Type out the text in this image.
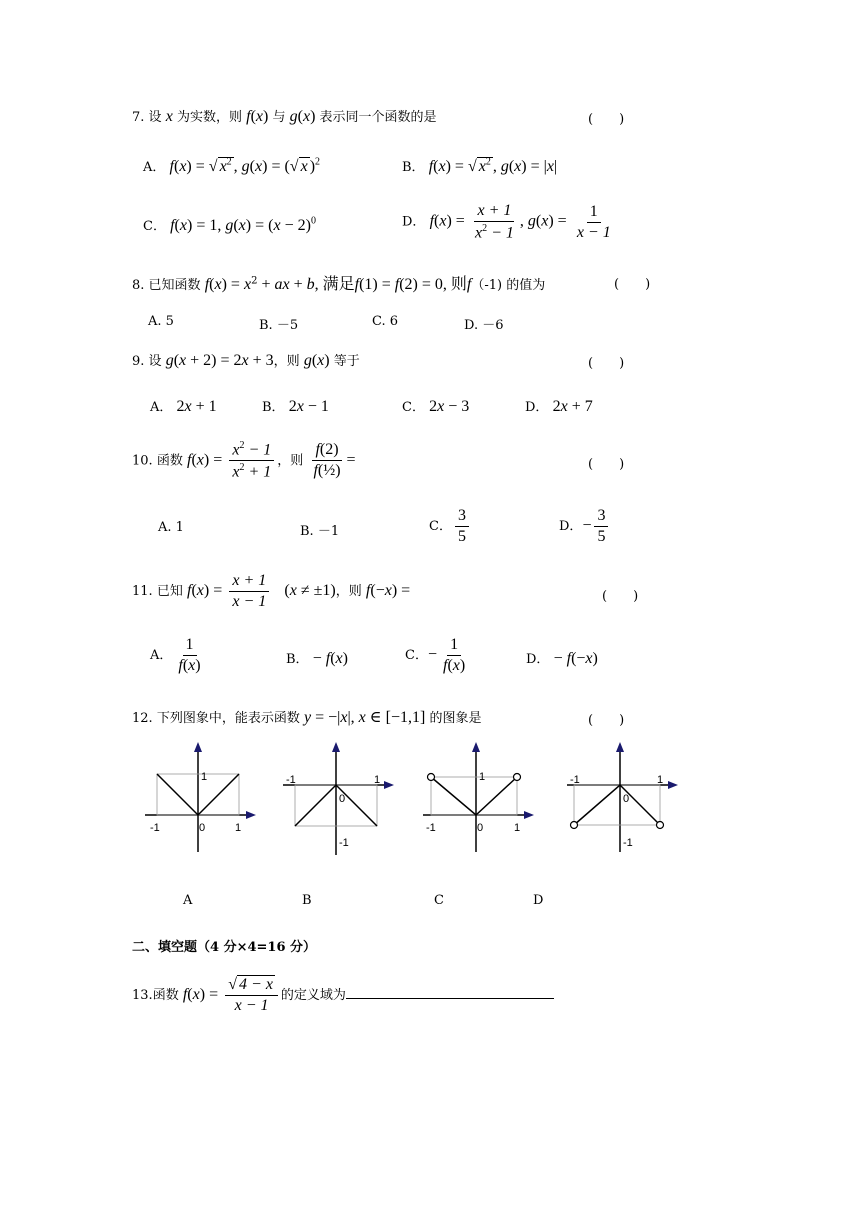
7. 设 x 为实数，则 f(x) 与 g(x) 表示同一个函数的是	(　　)
A． f(x) = √ $x^2$ , g(x) = (√ x )$^2$	B． f(x) = √ $x^2$ , g(x) = |x|
C． f(x) = 1, $g(x) = (x - 2)^0$	D． $f(x) = \frac{x + 1}{x^2 - 1}$ , $g(x) = \frac{1}{x - 1}$
8. 已知函数 $f(x) = x^2$ + ax + b, 满足f(1) = f(2) = 0, 则f（-1) 的值为	(　　)
A. 5	B. －5	C. 6	D. －6
9. 设 g(x + 2) = 2x + 3，则 g(x) 等于	(　　)
A． 2x + 1	B． 2x − 1	C． 2x − 3	D． 2x + 7
10. 函数 $f(x) = \frac{x^2 - 1}{x^2 + 1}$ ，则 $\frac{f(2)}{\text{f(½)}}$ =	(　　)
A. 1	B. －1	C． $\frac{3}{5}$	D．− $\frac{3}{5}$
11. 已知 $f(x) = \frac{x + 1}{x - 1} (x \ne \pm 1)$，则 f(−x) =	(　　)
A． $\frac{1}{f(x)}$	B． − f(x)	C．− $\frac{1}{f(x)}$	D． − f(−x)
12. 下列图象中，能表示函数 y = −|x|, x ∈ [−1,1] 的图象是	(　　)
1
-1	0	1
-1	1
0
-1
1
-1	0	1
-1	1
0
-1
A	B	C	D
二、填空题（4 分×4=16 分）
13.函数 $f(x) = \frac{√ 4 - x}{x - 1}$ 的定义域为
